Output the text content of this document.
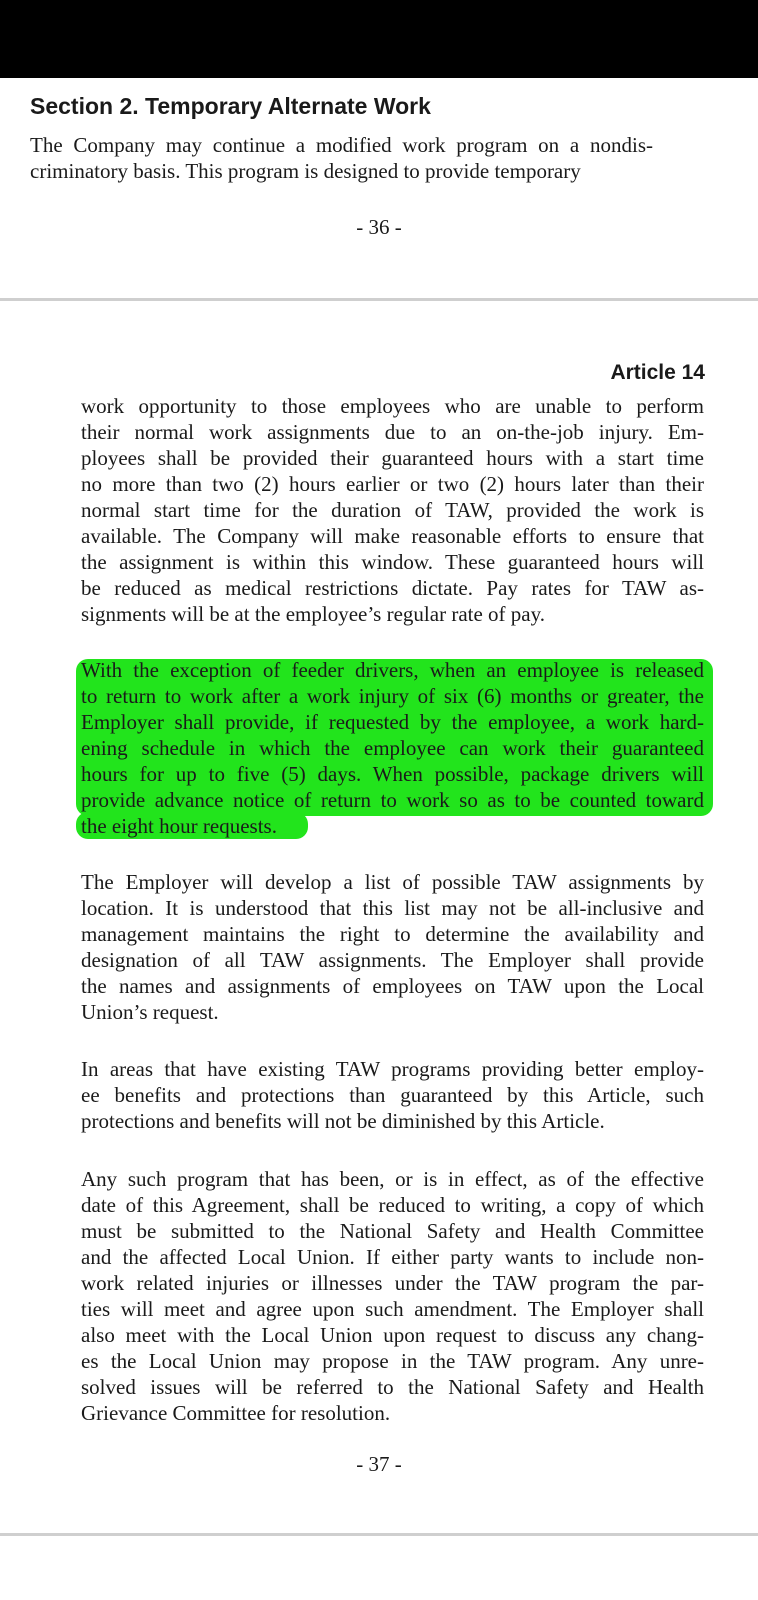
Section 2. Temporary Alternate Work
The Company may continue a modified work program on a nondis-
criminatory basis. This program is designed to provide temporary
- 36 -
Article 14
work opportunity to those employees who are unable to perform
their normal work assignments due to an on-the-job injury. Em-
ployees shall be provided their guaranteed hours with a start time
no more than two (2) hours earlier or two (2) hours later than their
normal start time for the duration of TAW, provided the work is
available. The Company will make reasonable efforts to ensure that
the assignment is within this window. These guaranteed hours will
be reduced as medical restrictions dictate. Pay rates for TAW as-
signments will be at the employee’s regular rate of pay.
With the exception of feeder drivers, when an employee is released
to return to work after a work injury of six (6) months or greater, the
Employer shall provide, if requested by the employee, a work hard-
ening schedule in which the employee can work their guaranteed
hours for up to five (5) days. When possible, package drivers will
provide advance notice of return to work so as to be counted toward
the eight hour requests.
The Employer will develop a list of possible TAW assignments by
location. It is understood that this list may not be all-inclusive and
management maintains the right to determine the availability and
designation of all TAW assignments. The Employer shall provide
the names and assignments of employees on TAW upon the Local
Union’s request.
In areas that have existing TAW programs providing better employ-
ee benefits and protections than guaranteed by this Article, such
protections and benefits will not be diminished by this Article.
Any such program that has been, or is in effect, as of the effective
date of this Agreement, shall be reduced to writing, a copy of which
must be submitted to the National Safety and Health Committee
and the affected Local Union. If either party wants to include non-
work related injuries or illnesses under the TAW program the par-
ties will meet and agree upon such amendment. The Employer shall
also meet with the Local Union upon request to discuss any chang-
es the Local Union may propose in the TAW program. Any unre-
solved issues will be referred to the National Safety and Health
Grievance Committee for resolution.
- 37 -
